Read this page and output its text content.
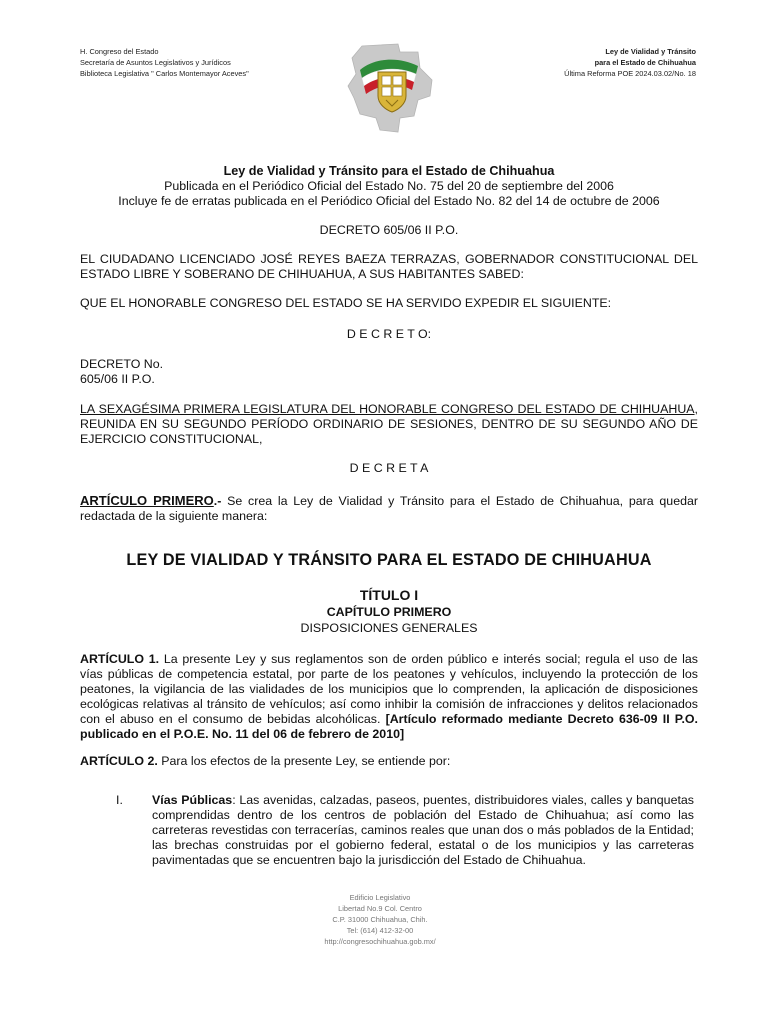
H. Congreso del Estado
Secretaría de Asuntos Legislativos y Jurídicos
Biblioteca Legislativa " Carlos Montemayor Aceves"
Ley de Vialidad y Tránsito
para el Estado de Chihuahua
Última Reforma POE 2024.03.02/No. 18
Ley de Vialidad y Tránsito para el Estado de Chihuahua
Publicada en el Periódico Oficial del Estado No. 75 del 20 de septiembre del 2006
Incluye fe de erratas publicada en el Periódico Oficial del Estado No. 82 del 14 de octubre de 2006
DECRETO 605/06 II P.O.
EL CIUDADANO LICENCIADO JOSÉ REYES BAEZA TERRAZAS, GOBERNADOR CONSTITUCIONAL DEL ESTADO LIBRE Y SOBERANO DE CHIHUAHUA, A SUS HABITANTES SABED:
QUE EL HONORABLE CONGRESO DEL ESTADO SE HA SERVIDO EXPEDIR EL SIGUIENTE:
D E C R E T O:
DECRETO No.
605/06 II P.O.
LA SEXAGÉSIMA PRIMERA LEGISLATURA DEL HONORABLE CONGRESO DEL ESTADO DE CHIHUAHUA, REUNIDA EN SU SEGUNDO PERÍODO ORDINARIO DE SESIONES, DENTRO DE SU SEGUNDO AÑO DE EJERCICIO CONSTITUCIONAL,
D E C R E T A
ARTÍCULO PRIMERO.- Se crea la Ley de Vialidad y Tránsito para el Estado de Chihuahua, para quedar redactada de la siguiente manera:
LEY DE VIALIDAD Y TRÁNSITO PARA EL ESTADO DE CHIHUAHUA
TÍTULO I
CAPÍTULO PRIMERO
DISPOSICIONES GENERALES
ARTÍCULO 1. La presente Ley y sus reglamentos son de orden público e interés social; regula el uso de las vías públicas de competencia estatal, por parte de los peatones y vehículos, incluyendo la protección de los peatones, la vigilancia de las vialidades de los municipios que lo comprenden, la aplicación de disposiciones ecológicas relativas al tránsito de vehículos; así como inhibir la comisión de infracciones y delitos relacionados con el abuso en el consumo de bebidas alcohólicas. [Artículo reformado mediante Decreto 636-09 II P.O. publicado en el P.O.E. No. 11 del 06 de febrero de 2010]
ARTÍCULO 2. Para los efectos de la presente Ley, se entiende por:
I. Vías Públicas: Las avenidas, calzadas, paseos, puentes, distribuidores viales, calles y banquetas comprendidas dentro de los centros de población del Estado de Chihuahua; así como las carreteras revestidas con terracerías, caminos reales que unan dos o más poblados de la Entidad; las brechas construidas por el gobierno federal, estatal o de los municipios y las carreteras pavimentadas que se encuentren bajo la jurisdicción del Estado de Chihuahua.
Edificio Legislativo
Libertad No.9 Col. Centro
C.P. 31000 Chihuahua, Chih.
Tel: (614) 412-32-00
http://congresochihuahua.gob.mx/
